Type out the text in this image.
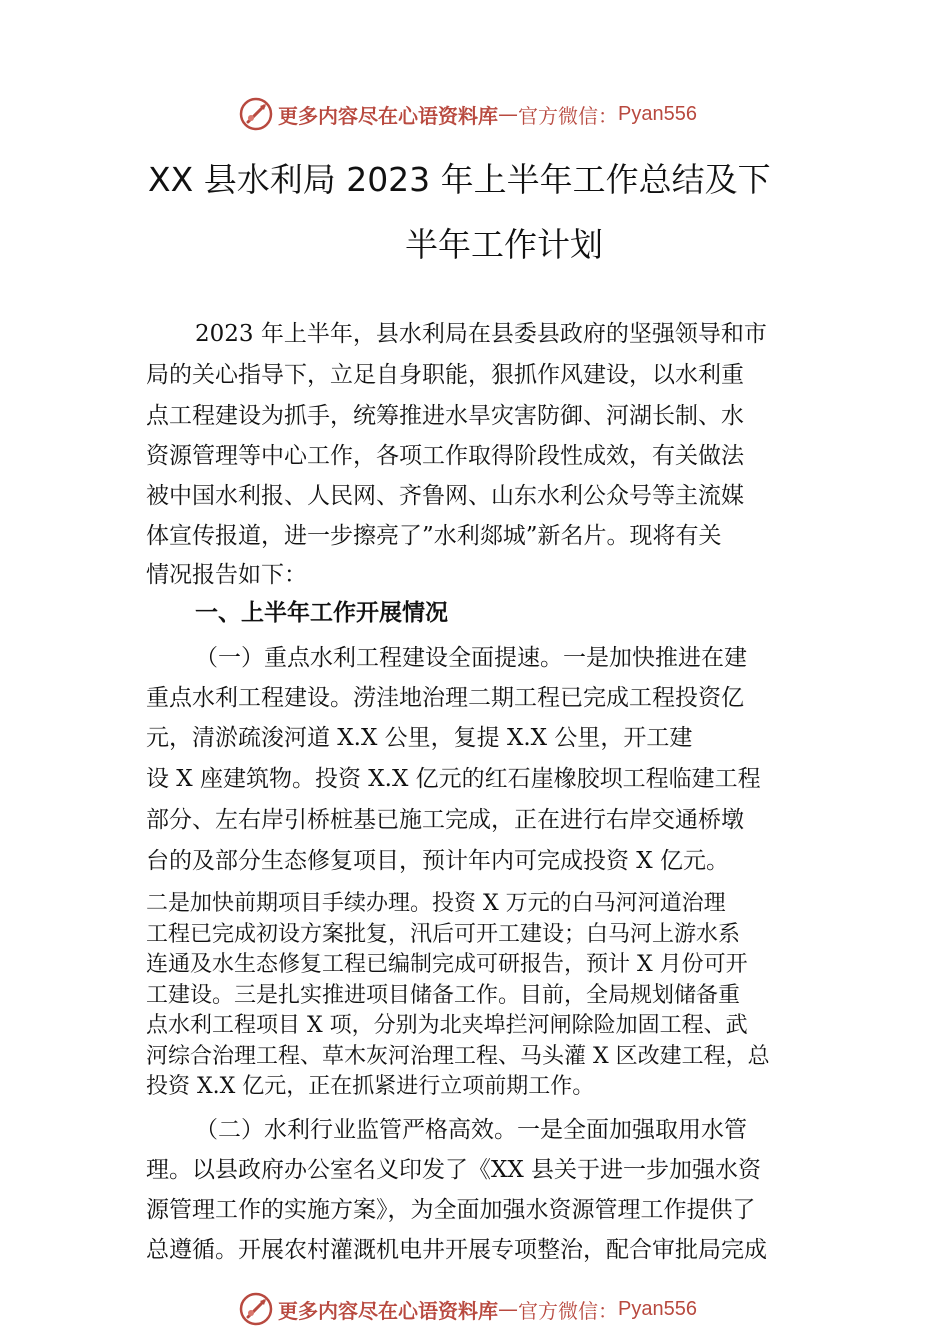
更多内容尽在心语资料库 — 官方微信： Pyan556
XX 县水利局 2023 年上半年工作总结及下
半年工作计划
2023 年上半年，县水利局在县委县政府的坚强领导和市
局的关心指导下，立足自身职能，狠抓作风建设，以水利重
点工程建设为抓手，统筹推进水旱灾害防御、河湖长制、水
资源管理等中心工作，各项工作取得阶段性成效，有关做法
被中国水利报、人民网、齐鲁网、山东水利公众号等主流媒
体宣传报道，进一步擦亮了”水利郯城”新名片。现将有关
情况报告如下：
一、上半年工作开展情况
（一）重点水利工程建设全面提速。一是加快推进在建
重点水利工程建设。涝洼地治理二期工程已完成工程投资亿
元，清淤疏浚河道 X.X 公里，复提 X.X 公里，开工建
设 X 座建筑物。投资 X.X 亿元的红石崖橡胶坝工程临建工程
部分、左右岸引桥桩基已施工完成，正在进行右岸交通桥墩
台的及部分生态修复项目，预计年内可完成投资 X 亿元。
二是加快前期项目手续办理。投资 X 万元的白马河河道治理
工程已完成初设方案批复，汛后可开工建设；白马河上游水系
连通及水生态修复工程已编制完成可研报告，预计 X 月份可开
工建设。三是扎实推进项目储备工作。目前，全局规划储备重
点水利工程项目 X 项，分别为北夹埠拦河闸除险加固工程、武
河综合治理工程、草木灰河治理工程、马头灌 X 区改建工程，总
投资 X.X 亿元，正在抓紧进行立项前期工作。
（二）水利行业监管严格高效。一是全面加强取用水管
理。以县政府办公室名义印发了《XX 县关于进一步加强水资
源管理工作的实施方案》，为全面加强水资源管理工作提供了
总遵循。开展农村灌溉机电井开展专项整治，配合审批局完成
更多内容尽在心语资料库 — 官方微信： Pyan556
